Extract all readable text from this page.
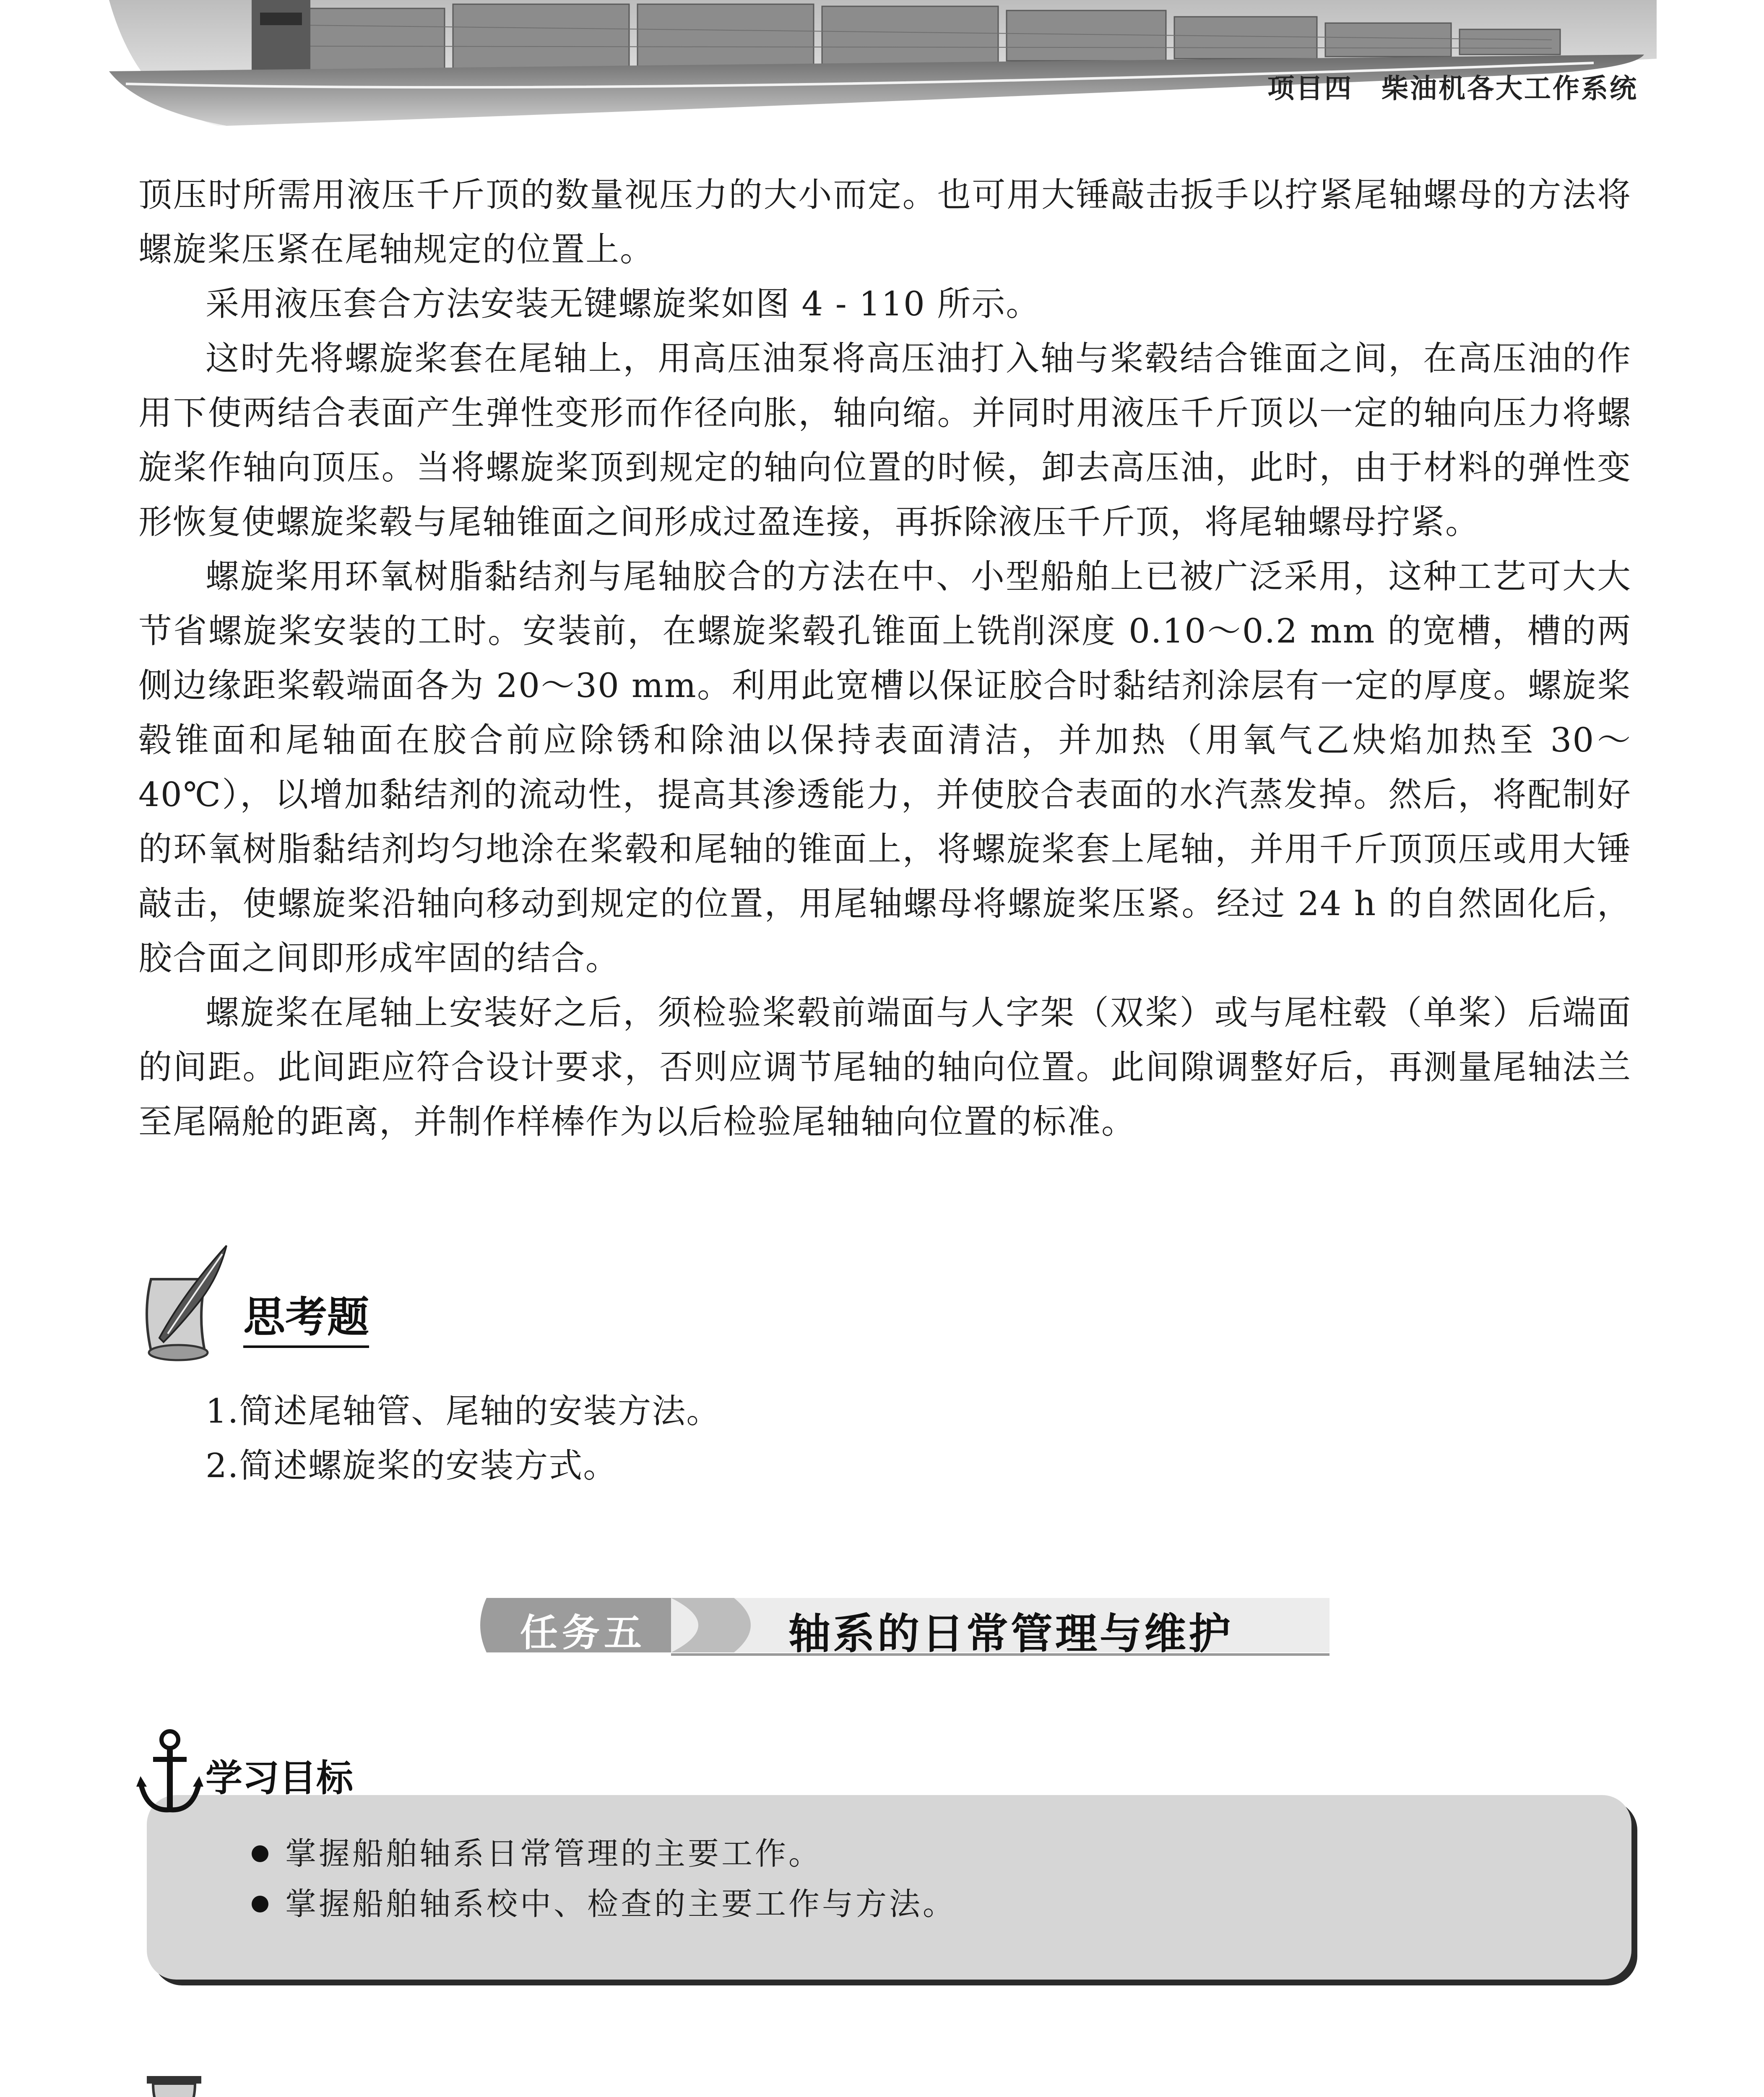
项目四　柴油机各大工作系统

顶压时所需用液压千斤顶的数量视压力的大小而定。也可用大锤敲击扳手以拧紧尾轴螺母的方法将螺旋桨压紧在尾轴规定的位置上。

采用液压套合方法安装无键螺旋桨如图 4 - 110 所示。

这时先将螺旋桨套在尾轴上，用高压油泵将高压油打入轴与桨毂结合锥面之间，在高压油的作用下使两结合表面产生弹性变形而作径向胀，轴向缩。并同时用液压千斤顶以一定的轴向压力将螺旋桨作轴向顶压。当将螺旋桨顶到规定的轴向位置的时候，卸去高压油，此时，由于材料的弹性变形恢复使螺旋桨毂与尾轴锥面之间形成过盈连接，再拆除液压千斤顶，将尾轴螺母拧紧。

螺旋桨用环氧树脂黏结剂与尾轴胶合的方法在中、小型船舶上已被广泛采用，这种工艺可大大节省螺旋桨安装的工时。安装前，在螺旋桨毂孔锥面上铣削深度 0.10～0.2 mm 的宽槽，槽的两侧边缘距桨毂端面各为 20～30 mm。利用此宽槽以保证胶合时黏结剂涂层有一定的厚度。螺旋桨毂锥面和尾轴面在胶合前应除锈和除油以保持表面清洁，并加热（用氧气乙炔焰加热至 30～40℃），以增加黏结剂的流动性，提高其渗透能力，并使胶合表面的水汽蒸发掉。然后，将配制好的环氧树脂黏结剂均匀地涂在桨毂和尾轴的锥面上，将螺旋桨套上尾轴，并用千斤顶顶压或用大锤敲击，使螺旋桨沿轴向移动到规定的位置，用尾轴螺母将螺旋桨压紧。经过 24 h 的自然固化后，胶合面之间即形成牢固的结合。

螺旋桨在尾轴上安装好之后，须检验桨毂前端面与人字架（双桨）或与尾柱毂（单桨）后端面的间距。此间距应符合设计要求，否则应调节尾轴的轴向位置。此间隙调整好后，再测量尾轴法兰至尾隔舱的距离，并制作样棒作为以后检验尾轴轴向位置的标准。

思考题
1.简述尾轴管、尾轴的安装方法。
2.简述螺旋桨的安装方式。
任务五	轴系的日常管理与维护
学习目标
掌握船舶轴系日常管理的主要工作。
掌握船舶轴系校中、检查的主要工作与方法。
